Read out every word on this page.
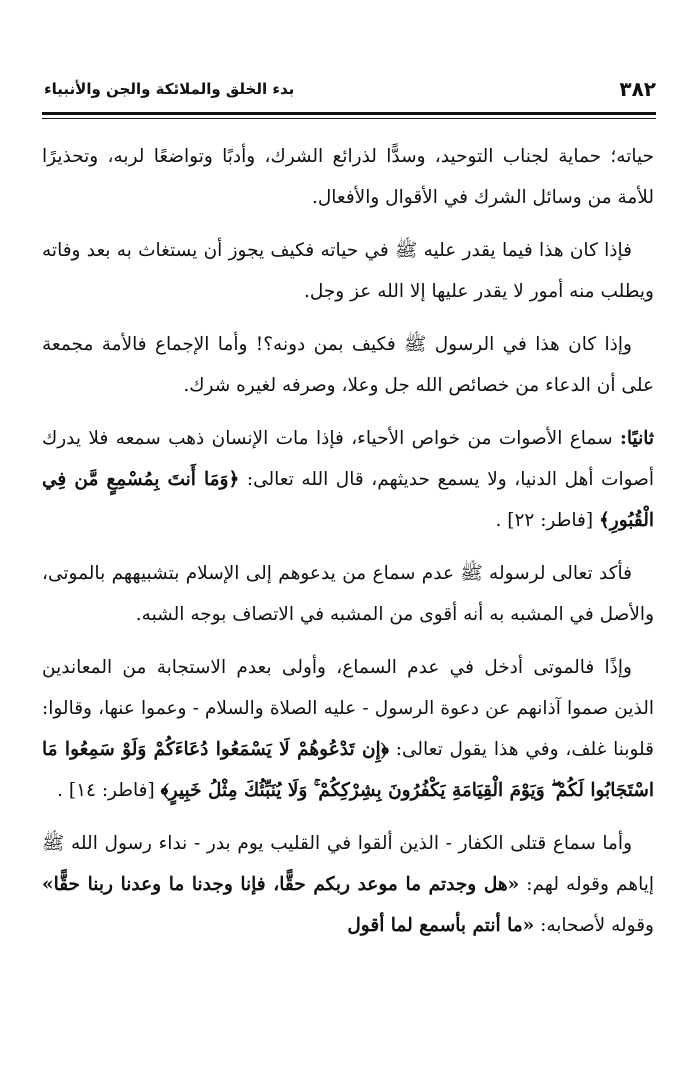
٣٨٢
بدء الخلق والملائكة والجن والأنبياء

حياته؛ حماية لجناب التوحيد، وسدًّا لذرائع الشرك، وأدبًا وتواضعًا لربه، وتحذيرًا للأمة من وسائل الشرك في الأقوال والأفعال.

فإذا كان هذا فيما يقدر عليه ﷺ في حياته فكيف يجوز أن يستغاث به بعد وفاته ويطلب منه أمور لا يقدر عليها إلا الله عز وجل.

وإذا كان هذا في الرسول ﷺ فكيف بمن دونه؟! وأما الإجماع فالأمة مجمعة على أن الدعاء من خصائص الله جل وعلا، وصرفه لغيره شرك.

ثانيًا: سماع الأصوات من خواص الأحياء، فإذا مات الإنسان ذهب سمعه فلا يدرك أصوات أهل الدنيا، ولا يسمع حديثهم، قال الله تعالى: ﴿وَمَا أَنتَ بِمُسْمِعٍ مَّن فِي الْقُبُورِ﴾ [فاطر: ٢٢] .

فأكد تعالى لرسوله ﷺ عدم سماع من يدعوهم إلى الإسلام بتشبيههم بالموتى، والأصل في المشبه به أنه أقوى من المشبه في الاتصاف بوجه الشبه.

وإذًا فالموتى أدخل في عدم السماع، وأولى بعدم الاستجابة من المعاندين الذين صموا آذانهم عن دعوة الرسول - عليه الصلاة والسلام - وعموا عنها، وقالوا: قلوبنا غلف، وفي هذا يقول تعالى: ﴿إِن تَدْعُوهُمْ لَا يَسْمَعُوا دُعَاءَكُمْ وَلَوْ سَمِعُوا مَا اسْتَجَابُوا لَكُمْ ۖ وَيَوْمَ الْقِيَامَةِ يَكْفُرُونَ بِشِرْكِكُمْ ۚ وَلَا يُنَبِّئُكَ مِثْلُ خَبِيرٍ﴾ [فاطر: ١٤] .

وأما سماع قتلى الكفار - الذين ألقوا في القليب يوم بدر - نداء رسول الله ﷺ إياهم وقوله لهم: «هل وجدتم ما موعد ربكم حقًّا، فإنا وجدنا ما وعدنا ربنا حقًّا» وقوله لأصحابه: «ما أنتم بأسمع لما أقول
